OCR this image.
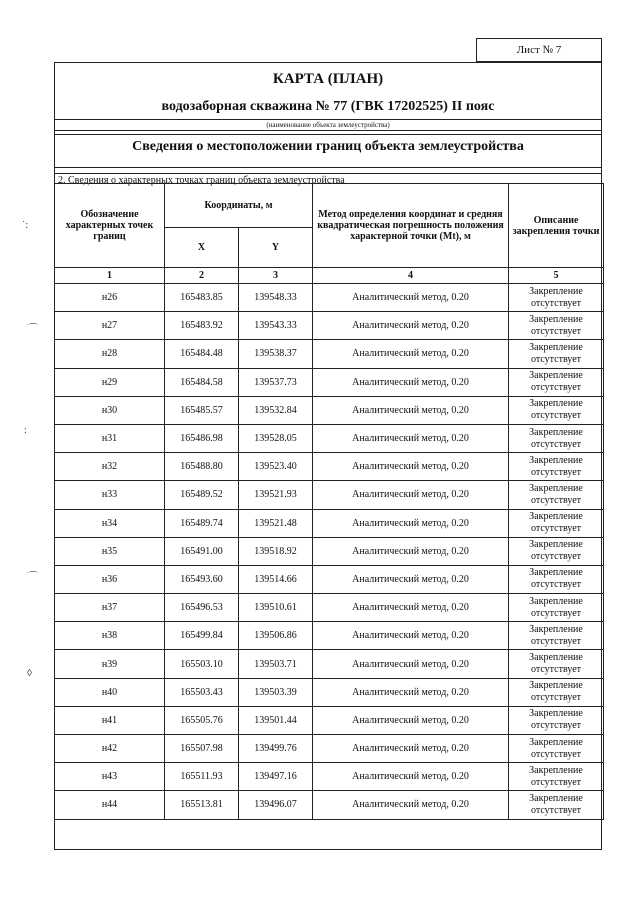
Лист № 7
˙:
⌒
:
⌒
◊
КАРТА (ПЛАН)
водозаборная скважина № 77 (ГВК 17202525) II пояс
(наименование объекта землеустройства)
Сведения о местоположении границ объекта землеустройства
2. Сведения о характерных точках границ объекта землеустройства
Обозначение характерных точек границ	Координаты, м		Метод определения координат и средняя квадратическая погрешность положения характерной точки (Mt), м	Описание закрепления точки
	X	Y		
1	2	3	4	5
н26	165483.85	139548.33	Аналитический метод, 0.20	Закрепление отсутствует
н27	165483.92	139543.33	Аналитический метод, 0.20	Закрепление отсутствует
н28	165484.48	139538.37	Аналитический метод, 0.20	Закрепление отсутствует
н29	165484.58	139537.73	Аналитический метод, 0.20	Закрепление отсутствует
н30	165485.57	139532.84	Аналитический метод, 0.20	Закрепление отсутствует
н31	165486.98	139528.05	Аналитический метод, 0.20	Закрепление отсутствует
н32	165488.80	139523.40	Аналитический метод, 0.20	Закрепление отсутствует
н33	165489.52	139521.93	Аналитический метод, 0.20	Закрепление отсутствует
н34	165489.74	139521.48	Аналитический метод, 0.20	Закрепление отсутствует
н35	165491.00	139518.92	Аналитический метод, 0.20	Закрепление отсутствует
н36	165493.60	139514.66	Аналитический метод, 0.20	Закрепление отсутствует
н37	165496.53	139510.61	Аналитический метод, 0.20	Закрепление отсутствует
н38	165499.84	139506.86	Аналитический метод, 0.20	Закрепление отсутствует
н39	165503.10	139503.71	Аналитический метод, 0.20	Закрепление отсутствует
н40	165503.43	139503.39	Аналитический метод, 0.20	Закрепление отсутствует
н41	165505.76	139501.44	Аналитический метод, 0.20	Закрепление отсутствует
н42	165507.98	139499.76	Аналитический метод, 0.20	Закрепление отсутствует
н43	165511.93	139497.16	Аналитический метод, 0.20	Закрепление отсутствует
н44	165513.81	139496.07	Аналитический метод, 0.20	Закрепление отсутствует
